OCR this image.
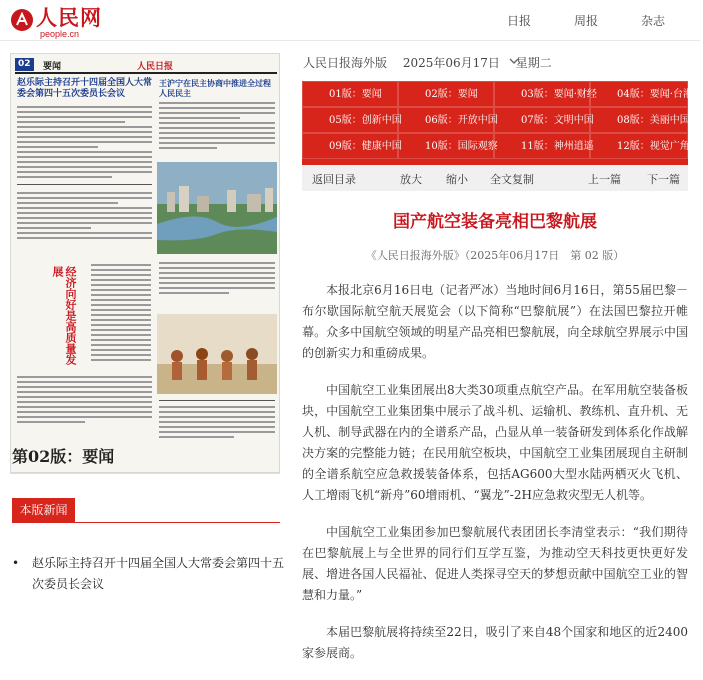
人民网
people.cn
日报	周报	杂志
02	要闻	人民日报
赵乐际主持召开十四届全国人大常委会第四十五次委员长会议
王沪宁在民主协商中推进全过程人民民主
经济向好是高质量发展
第02版：要闻
本版新闻
•	赵乐际主持召开十四届全国人大常委会第四十五次委员长会议
人民日报海外版 2025年06月17日 星期二
01版：要闻	02版：要闻	03版：要闻·财经	04版：要闻·台港澳
05版：创新中国	06版：开放中国	07版：文明中国	08版：美丽中国
09版：健康中国	10版：国际观察	11版：神州逍遥	12版：视觉广角
返回目录	放大 缩小 全文复制	上一篇 下一篇
国产航空装备亮相巴黎航展
《人民日报海外版》（2025年06月17日　第 02 版）

本报北京6月16日电（记者严冰）当地时间6月16日，第55届巴黎－布尔歇国际航空航天展览会（以下简称“巴黎航展”）在法国巴黎拉开帷幕。众多中国航空领域的明星产品亮相巴黎航展，向全球航空界展示中国的创新实力和重磅成果。

中国航空工业集团展出8大类30项重点航空产品。在军用航空装备板块，中国航空工业集团集中展示了战斗机、运输机、教练机、直升机、无人机、制导武器在内的全谱系产品，凸显从单一装备研发到体系化作战解决方案的完整能力链；在民用航空板块，中国航空工业集团展现自主研制的全谱系航空应急救援装备体系，包括AG600大型水陆两栖灭火飞机、人工增雨飞机“新舟”60增雨机、“翼龙”-2H应急救灾型无人机等。

中国航空工业集团参加巴黎航展代表团团长李清堂表示：“我们期待在巴黎航展上与全世界的同行们互学互鉴，为推动空天科技更快更好发展、增进各国人民福祉、促进人类探寻空天的梦想贡献中国航空工业的智慧和力量。”

本届巴黎航展将持续至22日，吸引了来自48个国家和地区的近2400家参展商。
